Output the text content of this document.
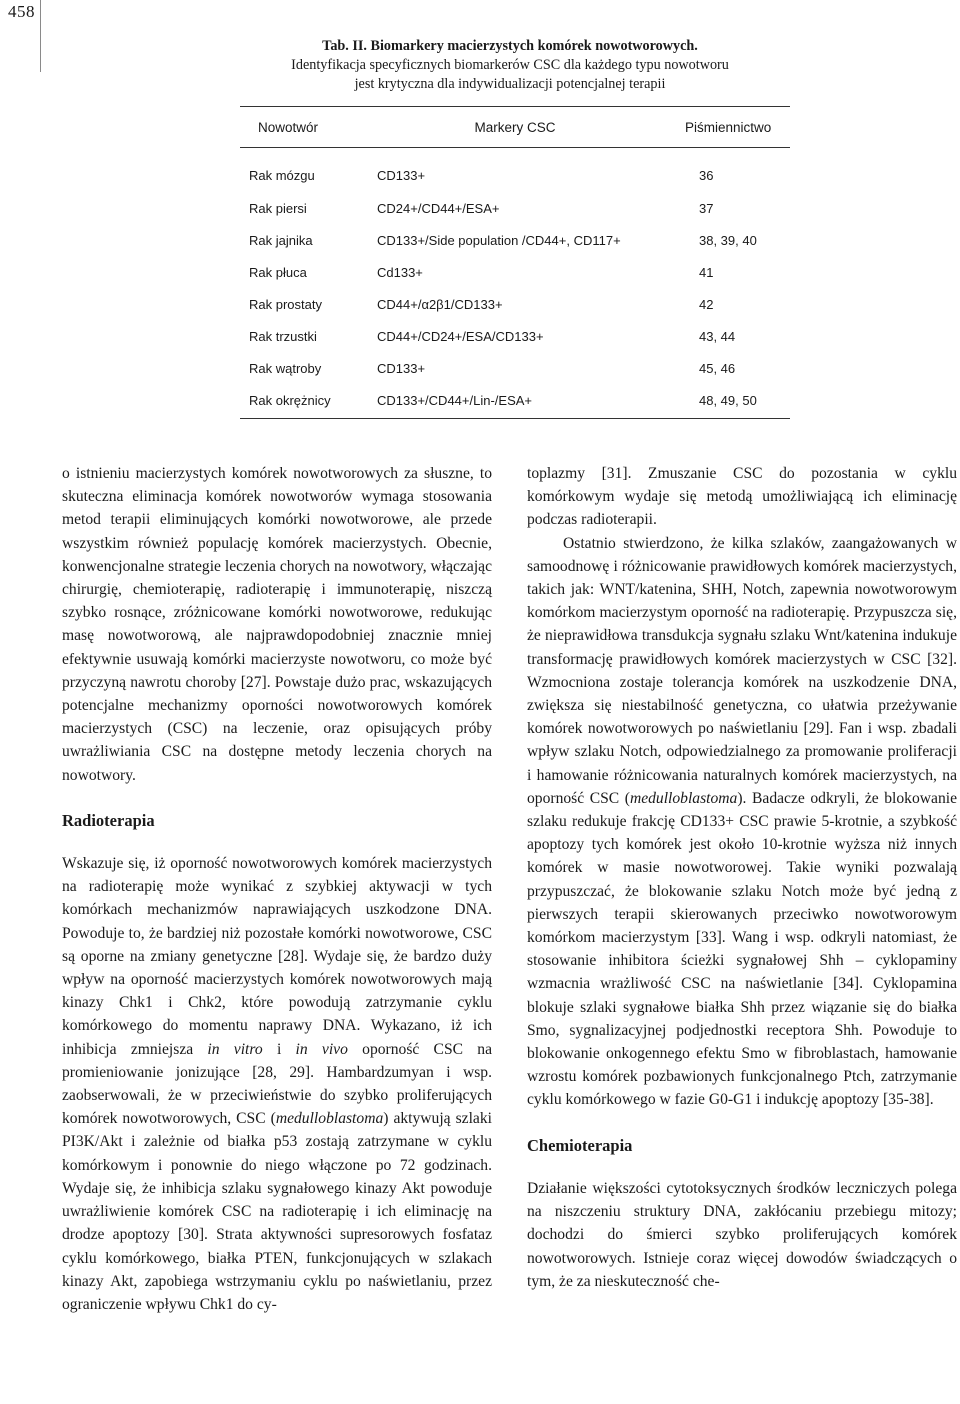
458
Tab. II. Biomarkery macierzystych komórek nowotworowych.
Identyfikacja specyficznych biomarkerów CSC dla każdego typu nowotworu
jest krytyczna dla indywidualizacji potencjalnej terapii
Nowotwór	Markery CSC	Piśmiennictwo
Rak mózgu	CD133+	36
Rak piersi	CD24+/CD44+/ESA+	37
Rak jajnika	CD133+/Side population /CD44+, CD117+	38, 39, 40
Rak płuca	Cd133+	41
Rak prostaty	CD44+/α2β1/CD133+	42
Rak trzustki	CD44+/CD24+/ESA/CD133+	43, 44
Rak wątroby	CD133+	45, 46
Rak okrężnicy	CD133+/CD44+/Lin-/ESA+	48, 49, 50

o istnieniu macierzystych komórek nowotworowych za słuszne, to skuteczna eliminacja komórek nowotworów wymaga stosowania metod terapii eliminujących komórki nowotworowe, ale przede wszystkim również populację komórek macierzystych. Obecnie, konwencjonalne strategie leczenia chorych na nowotwory, włączając chirurgię, chemioterapię, radioterapię i immunoterapię, niszczą szybko rosnące, zróżnicowane komórki nowotworowe, redukując masę nowotworową, ale najprawdopodobniej znacznie mniej efektywnie usuwają komórki macierzyste nowotworu, co może być przyczyną nawrotu choroby [27]. Powstaje dużo prac, wskazujących potencjalne mechanizmy oporności nowotworowych komórek macierzystych (CSC) na leczenie, oraz opisujących próby uwrażliwiania CSC na dostępne metody leczenia chorych na nowotwory.

Radioterapia

Wskazuje się, iż oporność nowotworowych komórek macierzystych na radioterapię może wynikać z szybkiej aktywacji w tych komórkach mechanizmów naprawiających uszkodzone DNA. Powoduje to, że bardziej niż pozostałe komórki nowotworowe, CSC są oporne na zmiany genetyczne [28]. Wydaje się, że bardzo duży wpływ na oporność macierzystych komórek nowotworowych mają kinazy Chk1 i Chk2, które powodują zatrzymanie cyklu komórkowego do momentu naprawy DNA. Wykazano, iż ich inhibicja zmniejsza in vitro i in vivo oporność CSC na promieniowanie jonizujące [28, 29]. Hambardzumyan i wsp. zaobserwowali, że w przeciwieństwie do szybko proliferujących komórek nowotworowych, CSC (medulloblastoma) aktywują szlaki PI3K/Akt i zależnie od białka p53 zostają zatrzymane w cyklu komórkowym i ponownie do niego włączone po 72 godzinach. Wydaje się, że inhibicja szlaku sygnałowego kinazy Akt powoduje uwrażliwienie komórek CSC na radioterapię i ich eliminację na drodze apoptozy [30]. Strata aktywności supresorowych fosfataz cyklu komórkowego, białka PTEN, funkcjonujących w szlakach kinazy Akt, zapobiega wstrzymaniu cyklu po naświetlaniu, przez ograniczenie wpływu Chk1 do cy-

toplazmy [31]. Zmuszanie CSC do pozostania w cyklu komórkowym wydaje się metodą umożliwiającą ich eliminację podczas radioterapii.

Ostatnio stwierdzono, że kilka szlaków, zaangażowanych w samoodnowę i różnicowanie prawidłowych komórek macierzystych, takich jak: WNT/katenina, SHH, Notch, zapewnia nowotworowym komórkom macierzystym oporność na radioterapię. Przypuszcza się, że nieprawidłowa transdukcja sygnału szlaku Wnt/katenina indukuje transformację prawidłowych komórek macierzystych w CSC [32]. Wzmocniona zostaje tolerancja komórek na uszkodzenie DNA, zwiększa się niestabilność genetyczna, co ułatwia przeżywanie komórek nowotworowych po naświetlaniu [29]. Fan i wsp. zbadali wpływ szlaku Notch, odpowiedzialnego za promowanie proliferacji i hamowanie różnicowania naturalnych komórek macierzystych, na oporność CSC (medulloblastoma). Badacze odkryli, że blokowanie szlaku redukuje frakcję CD133+ CSC prawie 5-krotnie, a szybkość apoptozy tych komórek jest około 10-krotnie wyższa niż innych komórek w masie nowotworowej. Takie wyniki pozwalają przypuszczać, że blokowanie szlaku Notch może być jedną z pierwszych terapii skierowanych przeciwko nowotworowym komórkom macierzystym [33]. Wang i wsp. odkryli natomiast, że stosowanie inhibitora ścieżki sygnałowej Shh – cyklopaminy wzmacnia wrażliwość CSC na naświetlanie [34]. Cyklopamina blokuje szlaki sygnałowe białka Shh przez wiązanie się do białka Smo, sygnalizacyjnej podjednostki receptora Shh. Powoduje to blokowanie onkogennego efektu Smo w fibroblastach, hamowanie wzrostu komórek pozbawionych funkcjonalnego Ptch, zatrzymanie cyklu komórkowego w fazie G0-G1 i indukcję apoptozy [35-38].

Chemioterapia

Działanie większości cytotoksycznych środków leczniczych polega na niszczeniu struktury DNA, zakłócaniu przebiegu mitozy; dochodzi do śmierci szybko proliferujących komórek nowotworowych. Istnieje coraz więcej dowodów świadczących o tym, że za nieskuteczność che-
